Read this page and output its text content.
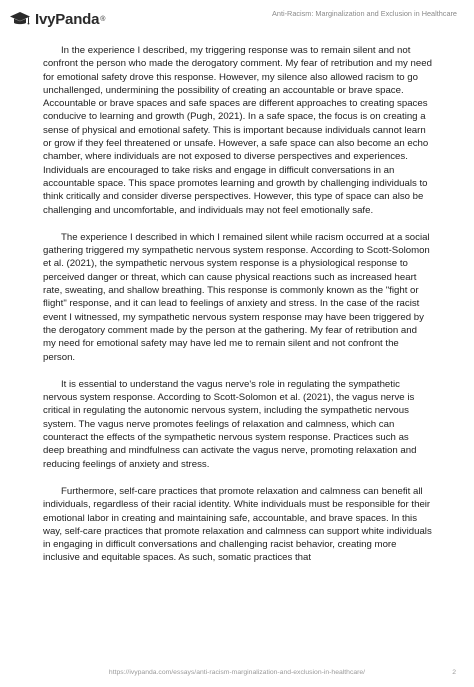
IvyPanda ®
Anti-Racism: Marginalization and Exclusion in Healthcare

In the experience I described, my triggering response was to remain silent and not confront the person who made the derogatory comment. My fear of retribution and my need for emotional safety drove this response. However, my silence also allowed racism to go unchallenged, undermining the possibility of creating an accountable or brave space. Accountable or brave spaces and safe spaces are different approaches to creating spaces conducive to learning and growth (Pugh, 2021). In a safe space, the focus is on creating a sense of physical and emotional safety. This is important because individuals cannot learn or grow if they feel threatened or unsafe. However, a safe space can also become an echo chamber, where individuals are not exposed to diverse perspectives and experiences. Individuals are encouraged to take risks and engage in difficult conversations in an accountable space. This space promotes learning and growth by challenging individuals to think critically and consider diverse perspectives. However, this type of space can also be challenging and uncomfortable, and individuals may not feel emotionally safe.

The experience I described in which I remained silent while racism occurred at a social gathering triggered my sympathetic nervous system response. According to Scott-Solomon et al. (2021), the sympathetic nervous system response is a physiological response to perceived danger or threat, which can cause physical reactions such as increased heart rate, sweating, and shallow breathing. This response is commonly known as the "fight or flight" response, and it can lead to feelings of anxiety and stress. In the case of the racist event I witnessed, my sympathetic nervous system response may have been triggered by the derogatory comment made by the person at the gathering. My fear of retribution and my need for emotional safety may have led me to remain silent and not confront the person.

It is essential to understand the vagus nerve's role in regulating the sympathetic nervous system response. According to Scott-Solomon et al. (2021), the vagus nerve is critical in regulating the autonomic nervous system, including the sympathetic nervous system. The vagus nerve promotes feelings of relaxation and calmness, which can counteract the effects of the sympathetic nervous system response. Practices such as deep breathing and mindfulness can activate the vagus nerve, promoting relaxation and reducing feelings of anxiety and stress.

Furthermore, self-care practices that promote relaxation and calmness can benefit all individuals, regardless of their racial identity. White individuals must be responsible for their emotional labor in creating and maintaining safe, accountable, and brave spaces. In this way, self-care practices that promote relaxation and calmness can support white individuals in engaging in difficult conversations and challenging racist behavior, creating more inclusive and equitable spaces. As such, somatic practices that

https://ivypanda.com/essays/anti-racism-marginalization-and-exclusion-in-healthcare/	2
